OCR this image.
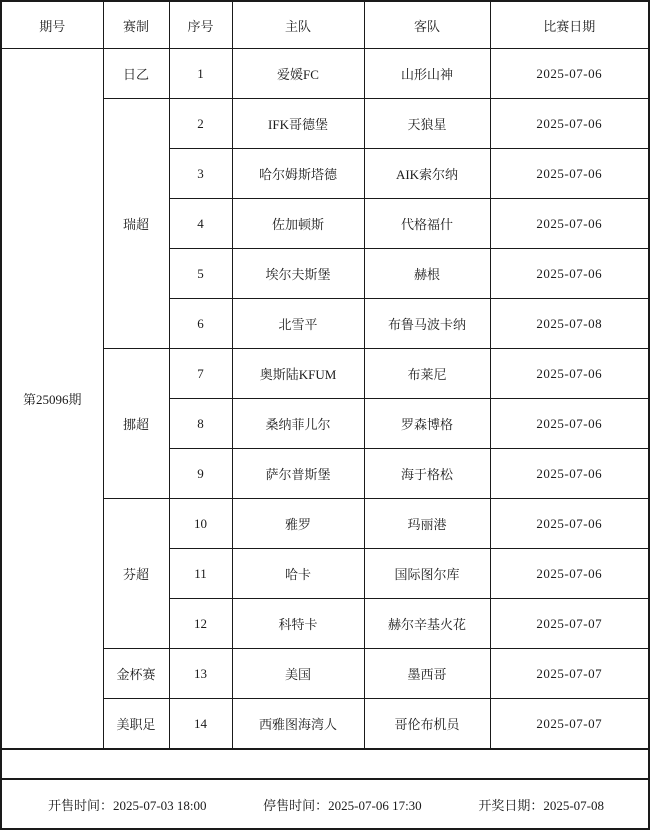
期号	赛制	序号	主队	客队	比赛日期
第25096期	日乙	1	爱媛FC	山形山神	2025-07-06
	瑞超	2	IFK哥德堡	天狼星	2025-07-06
		3	哈尔姆斯塔德	AIK索尔纳	2025-07-06
		4	佐加顿斯	代格福什	2025-07-06
		5	埃尔夫斯堡	赫根	2025-07-06
		6	北雪平	布鲁马波卡纳	2025-07-08
	挪超	7	奥斯陆KFUM	布莱尼	2025-07-06
		8	桑纳菲儿尔	罗森博格	2025-07-06
		9	萨尔普斯堡	海于格松	2025-07-06
	芬超	10	雅罗	玛丽港	2025-07-06
		11	哈卡	国际图尔库	2025-07-06
		12	科特卡	赫尔辛基火花	2025-07-07
	金杯赛	13	美国	墨西哥	2025-07-07
	美职足	14	西雅图海湾人	哥伦布机员	2025-07-07

开售时间：2025-07-03 18:00 停售时间：2025-07-06 17:30 开奖日期：2025-07-08					
